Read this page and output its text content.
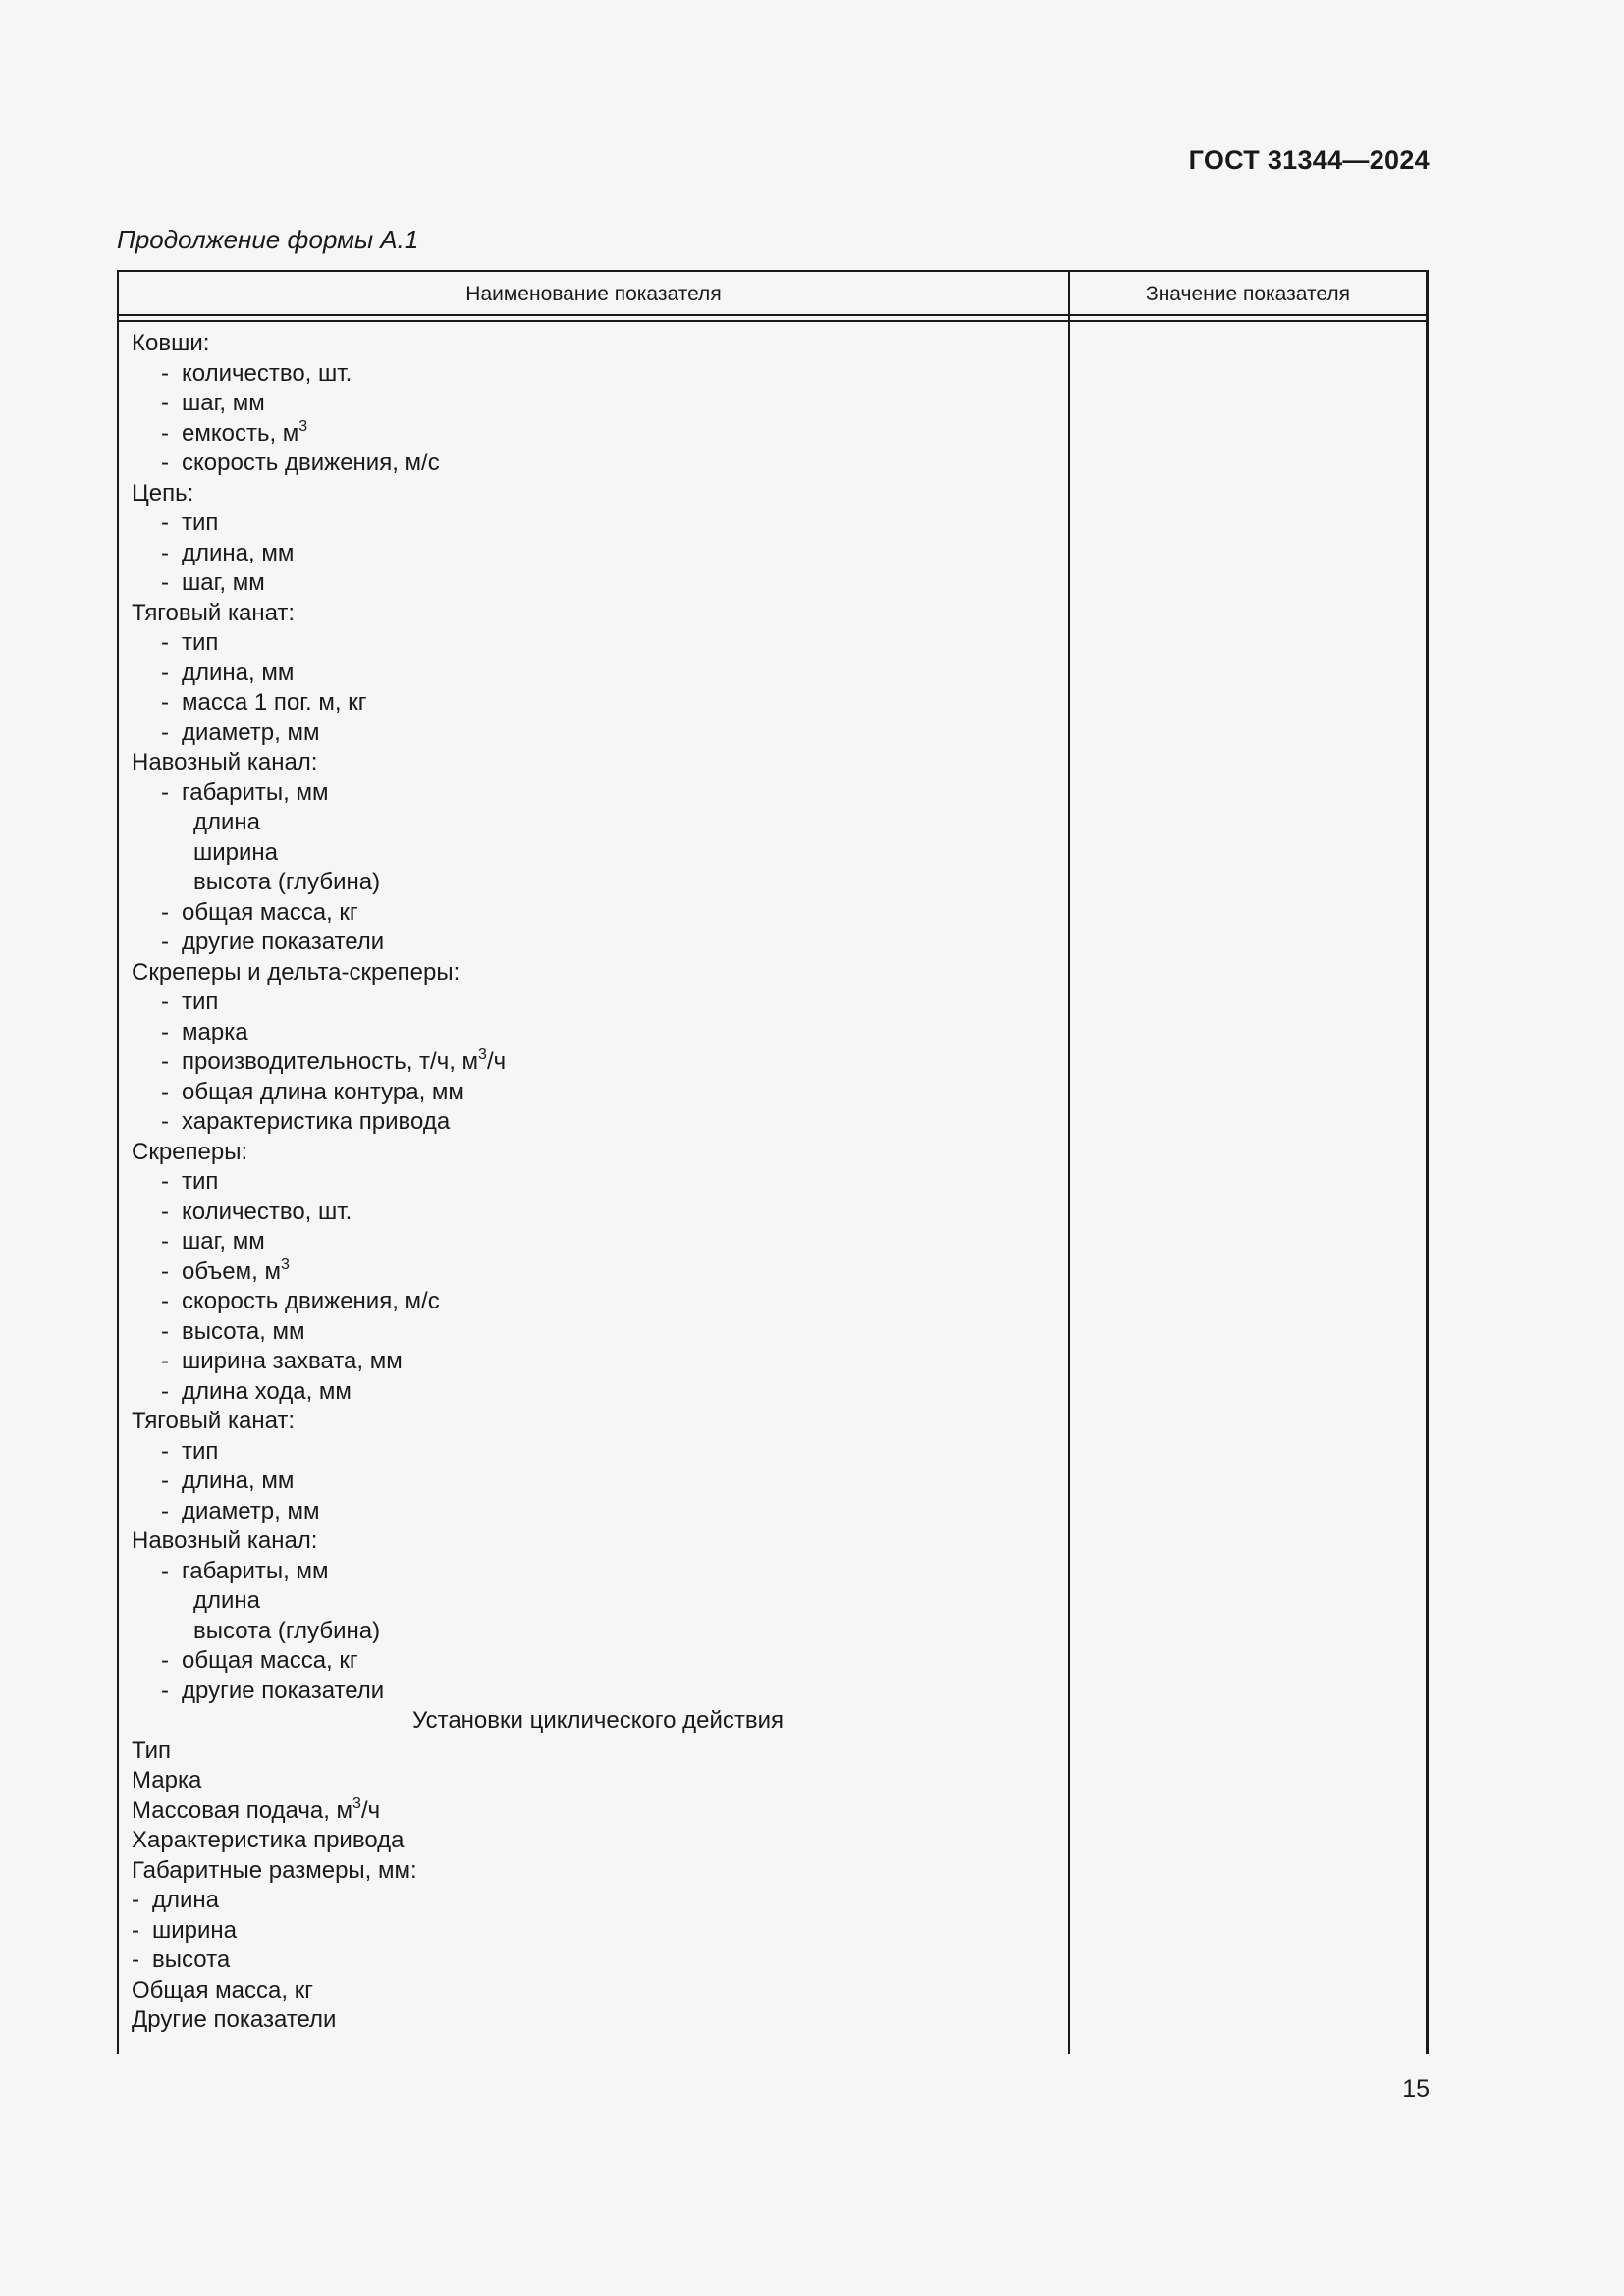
ГОСТ 31344—2024
Продолжение формы А.1
Наименование показателя	Значение показателя
Ковши:
- количество, шт.
- шаг, мм
- емкость, $м^3$
- скорость движения, м/с
Цепь:
- тип
- длина, мм
- шаг, мм
Тяговый канат:
- тип
- длина, мм
- масса 1 пог. м, кг
- диаметр, мм
Навозный канал:
- габариты, мм
длина
ширина
высота (глубина)
- общая масса, кг
- другие показатели
Скреперы и дельта-скреперы:
- тип
- марка
- производительность, т/ч, $м^3/ч$
- общая длина контура, мм
- характеристика привода
Скреперы:
- тип
- количество, шт.
- шаг, мм
- объем, $м^3$
- скорость движения, м/с
- высота, мм
- ширина захвата, мм
- длина хода, мм
Тяговый канат:
- тип
- длина, мм
- диаметр, мм
Навозный канал:
- габариты, мм
длина
высота (глубина)
- общая масса, кг
- другие показатели
Установки циклического действия
Тип
Марка
Массовая подача, $м^3/ч$
Характеристика привода
Габаритные размеры, мм:
- длина
- ширина
- высота
Общая масса, кг
Другие показатели
15
